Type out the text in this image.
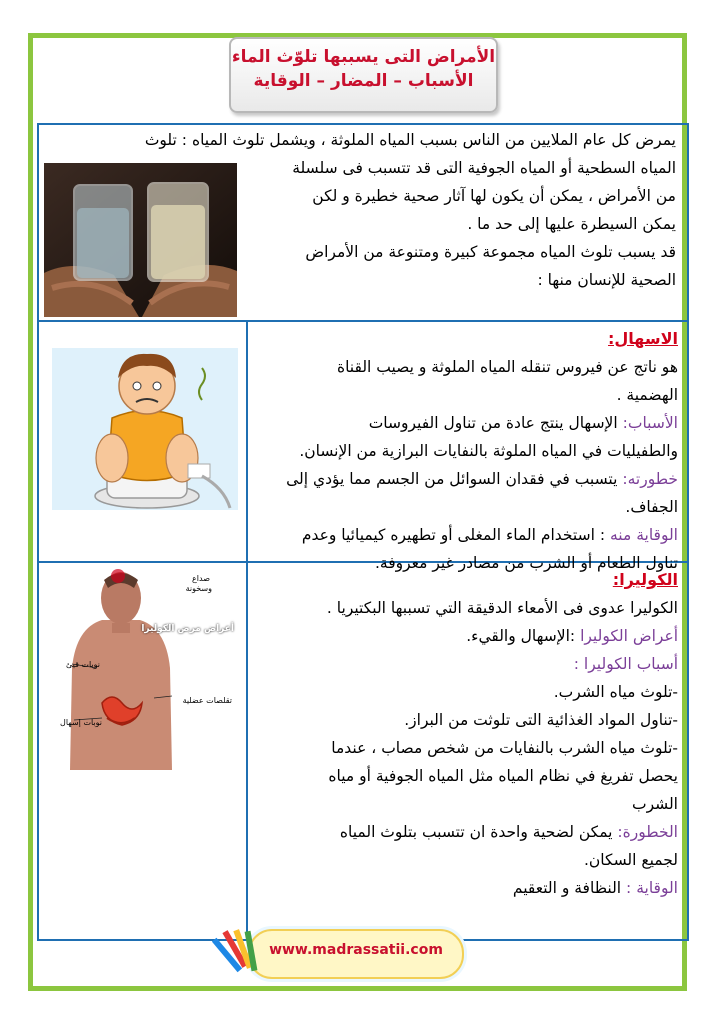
الأمراض التى يسببها تلوّث الماء
الأسباب – المضار – الوقاية

يمرض كل عام الملايين من الناس بسبب المياه الملوثة ، ويشمل تلوث المياه : تلوث

المياه السطحية أو المياه الجوفية التى قد تتسبب فى سلسلة

من الأمراض ، يمكن أن يكون لها آثار صحية خطيرة و لكن

يمكن السيطرة عليها إلى حد ما .

قد يسبب تلوث المياه مجموعة كبيرة ومتنوعة من الأمراض

الصحية للإنسان منها :

الاسهال:

هو ناتج عن فيروس تنقله المياه الملوثة و يصيب القناة

الهضمية .

الأسباب: الإسهال ينتج عادة من تناول الفيروسات

والطفيليات في المياه الملوثة بالنفايات البرازية من الإنسان.

خطورته: يتسبب في فقدان السوائل من الجسم مما يؤدي إلى

الجفاف.

الوقاية منه : استخدام الماء المغلى أو تطهيره كيميائيا وعدم

تناول الطعام أو الشرب من مصادر غير معروفة.

الكوليرا:

الكوليرا عدوى فى الأمعاء الدقيقة التي تسببها البكتيريا .

أعراض الكوليرا :الإسهال والقيء.

أسباب الكوليرا :

-تلوث مياه الشرب.

-تناول المواد الغذائية التى تلوثت من البراز.

-تلوث مياه الشرب بالنفايات من شخص مصاب ، عندما

يحصل تفريغ في نظام المياه مثل المياه الجوفية أو مياه

الشرب

الخطورة: يمكن لضحية واحدة ان تتسبب بتلوث المياه

لجميع السكان.

الوقاية : النظافة و التعقيم

صداع
وسخونة
أعراض مرض الكوليرا
نوبات قيئ
تقلصات عضلية
نوبات إسهال
www.madrassatii.com
